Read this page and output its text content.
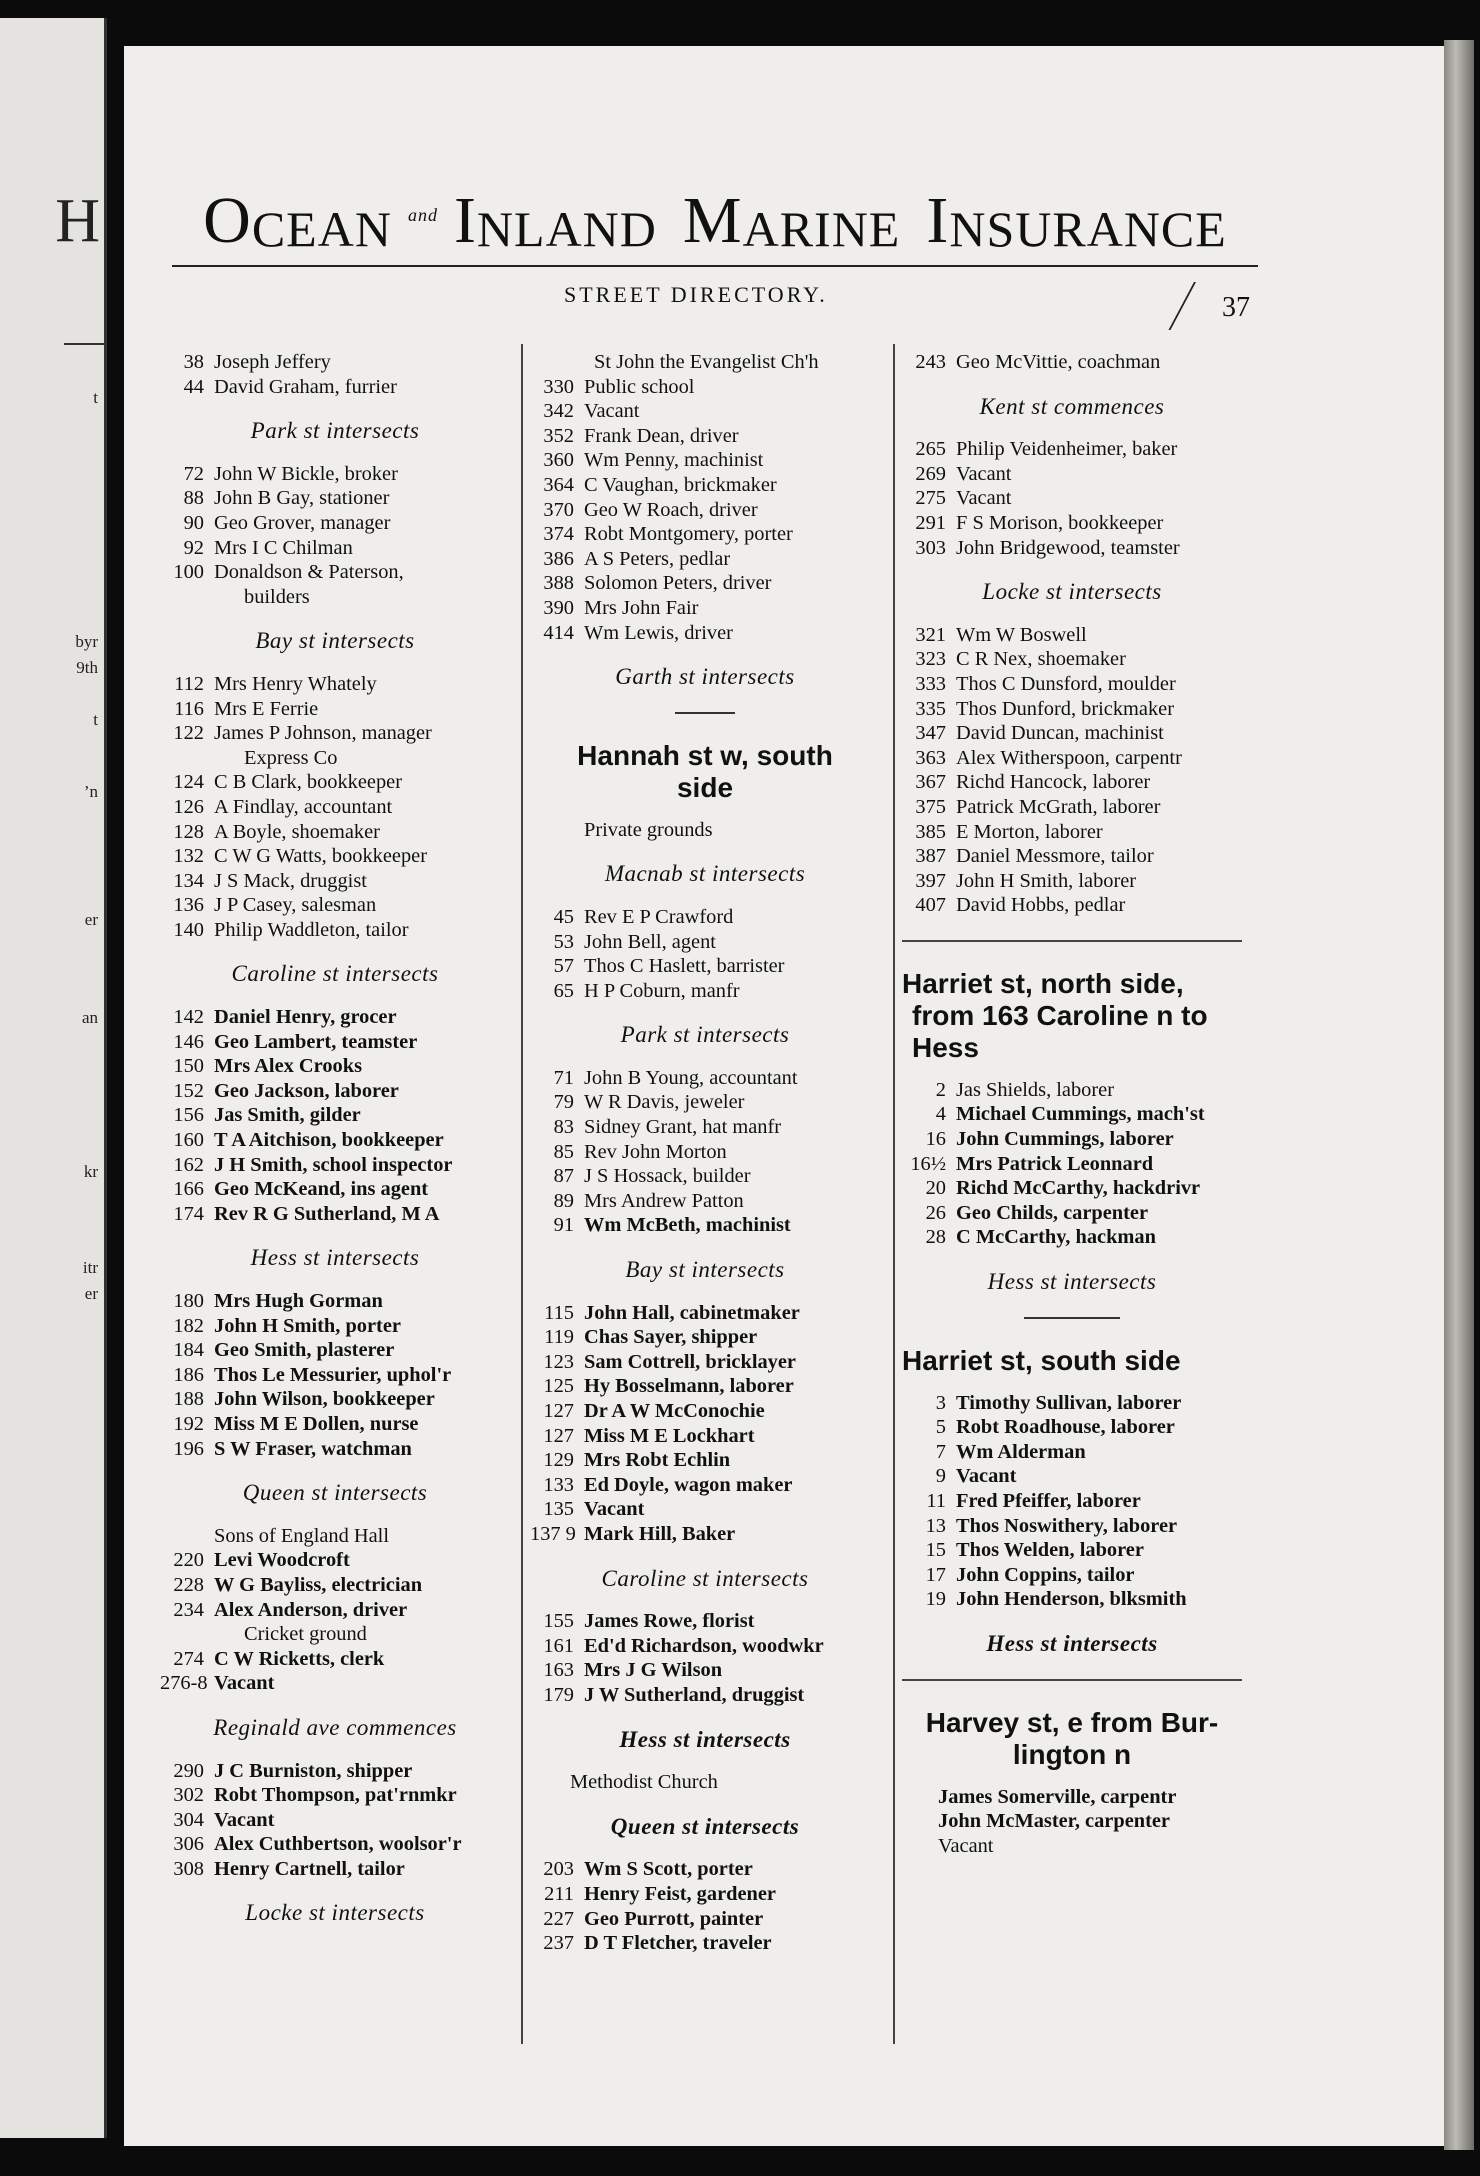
H
t
byr
9th
t
’n
er
an
kr
itr
er
O CEAN and I NLAND M ARINE I NSURANCE
STREET DIRECTORY.	37
38 Joseph Jeffery
44 David Graham, furrier
Park st intersects
72 John W Bickle, broker
88 John B Gay, stationer
90 Geo Grover, manager
92 Mrs I C Chilman
100 Donaldson & Paterson,
builders
Bay st intersects
112 Mrs Henry Whately
116 Mrs E Ferrie
122 James P Johnson, manager
Express Co
124 C B Clark, bookkeeper
126 A Findlay, accountant
128 A Boyle, shoemaker
132 C W G Watts, bookkeeper
134 J S Mack, druggist
136 J P Casey, salesman
140 Philip Waddleton, tailor
Caroline st intersects
142 Daniel Henry, grocer
146 Geo Lambert, teamster
150 Mrs Alex Crooks
152 Geo Jackson, laborer
156 Jas Smith, gilder
160 T A Aitchison, bookkeeper
162 J H Smith, school inspector
166 Geo McKeand, ins agent
174 Rev R G Sutherland, M A
Hess st intersects
180 Mrs Hugh Gorman
182 John H Smith, porter
184 Geo Smith, plasterer
186 Thos Le Messurier, uphol'r
188 John Wilson, bookkeeper
192 Miss M E Dollen, nurse
196 S W Fraser, watchman
Queen st intersects
Sons of England Hall
220 Levi Woodcroft
228 W G Bayliss, electrician
234 Alex Anderson, driver
Cricket ground
274 C W Ricketts, clerk
276-8 Vacant
Reginald ave commences
290 J C Burniston, shipper
302 Robt Thompson, pat'rnmkr
304 Vacant
306 Alex Cuthbertson, woolsor'r
308 Henry Cartnell, tailor
Locke st intersects
St John the Evangelist Ch'h
330 Public school
342 Vacant
352 Frank Dean, driver
360 Wm Penny, machinist
364 C Vaughan, brickmaker
370 Geo W Roach, driver
374 Robt Montgomery, porter
386 A S Peters, pedlar
388 Solomon Peters, driver
390 Mrs John Fair
414 Wm Lewis, driver
Garth st intersects
Hannah st w, south
side
Private grounds
Macnab st intersects
45 Rev E P Crawford
53 John Bell, agent
57 Thos C Haslett, barrister
65 H P Coburn, manfr
Park st intersects
71 John B Young, accountant
79 W R Davis, jeweler
83 Sidney Grant, hat manfr
85 Rev John Morton
87 J S Hossack, builder
89 Mrs Andrew Patton
91 Wm McBeth, machinist
Bay st intersects
115 John Hall, cabinetmaker
119 Chas Sayer, shipper
123 Sam Cottrell, bricklayer
125 Hy Bosselmann, laborer
127 Dr A W McConochie
127 Miss M E Lockhart
129 Mrs Robt Echlin
133 Ed Doyle, wagon maker
135 Vacant
137 9 Mark Hill, Baker
Caroline st intersects
155 James Rowe, florist
161 Ed'd Richardson, woodwkr
163 Mrs J G Wilson
179 J W Sutherland, druggist
Hess st intersects
Methodist Church
Queen st intersects
203 Wm S Scott, porter
211 Henry Feist, gardener
227 Geo Purrott, painter
237 D T Fletcher, traveler
243 Geo McVittie, coachman
Kent st commences
265 Philip Veidenheimer, baker
269 Vacant
275 Vacant
291 F S Morison, bookkeeper
303 John Bridgewood, teamster
Locke st intersects
321 Wm W Boswell
323 C R Nex, shoemaker
333 Thos C Dunsford, moulder
335 Thos Dunford, brickmaker
347 David Duncan, machinist
363 Alex Witherspoon, carpentr
367 Richd Hancock, laborer
375 Patrick McGrath, laborer
385 E Morton, laborer
387 Daniel Messmore, tailor
397 John H Smith, laborer
407 David Hobbs, pedlar
Harriet st, north side,
from 163 Caroline n to
Hess
2 Jas Shields, laborer
4 Michael Cummings, mach'st
16 John Cummings, laborer
16½ Mrs Patrick Leonnard
20 Richd McCarthy, hackdrivr
26 Geo Childs, carpenter
28 C McCarthy, hackman
Hess st intersects
Harriet st, south side
3 Timothy Sullivan, laborer
5 Robt Roadhouse, laborer
7 Wm Alderman
9 Vacant
11 Fred Pfeiffer, laborer
13 Thos Noswithery, laborer
15 Thos Welden, laborer
17 John Coppins, tailor
19 John Henderson, blksmith
Hess st intersects
Harvey st, e from Bur-
lington n
James Somerville, carpentr
John McMaster, carpenter
Vacant
